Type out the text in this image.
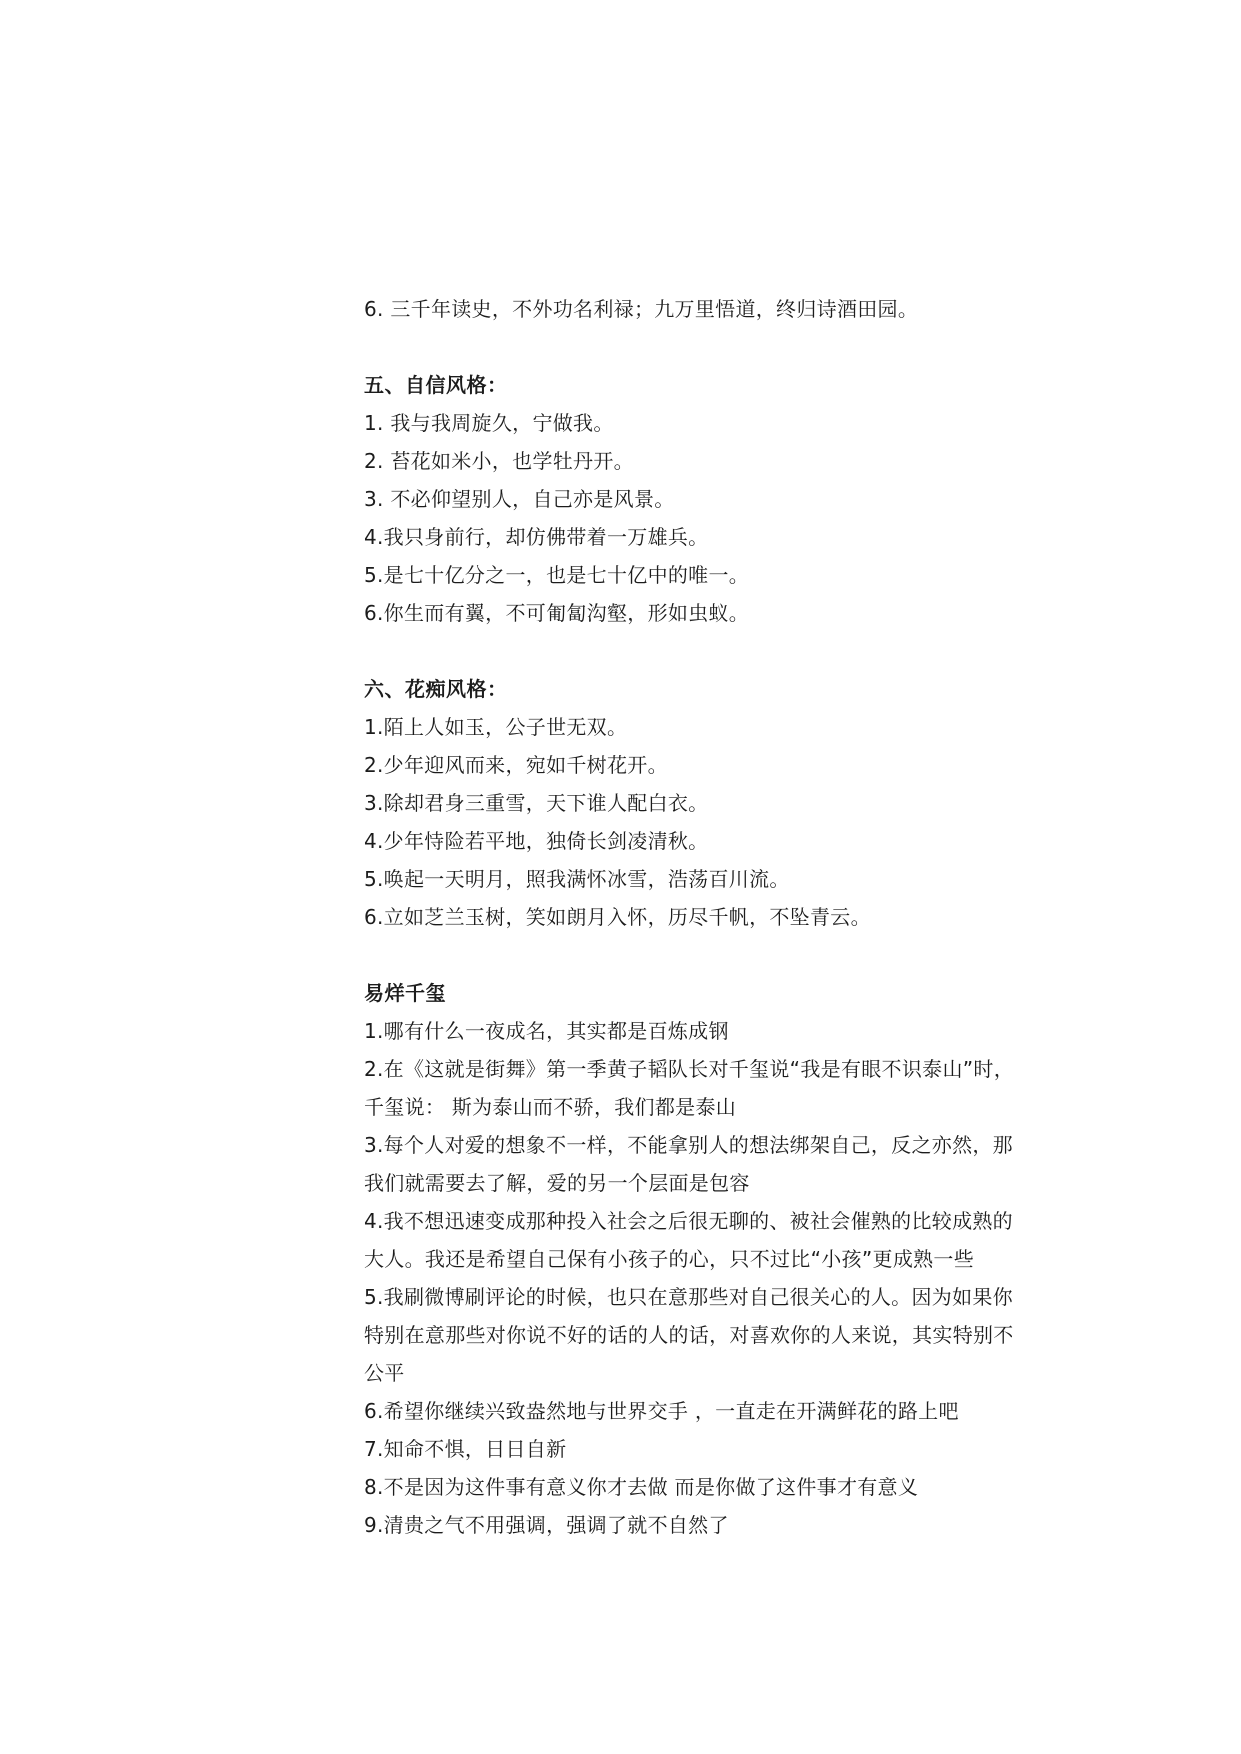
6. 三千年读史，不外功名利禄；九万里悟道，终归诗酒田园。
五、自信风格：
1. 我与我周旋久，宁做我。
2. 苔花如米小，也学牡丹开。
3. 不必仰望别人，自己亦是风景。
4.我只身前行，却仿佛带着一万雄兵。
5.是七十亿分之一，也是七十亿中的唯一。
6.你生而有翼，不可匍匐沟壑，形如虫蚁。
六、花痴风格：
1.陌上人如玉，公子世无双。
2.少年迎风而来，宛如千树花开。
3.除却君身三重雪，天下谁人配白衣。
4.少年恃险若平地，独倚长剑凌清秋。
5.唤起一天明月，照我满怀冰雪，浩荡百川流。
6.立如芝兰玉树，笑如朗月入怀，历尽千帆，不坠青云。
易烊千玺
1.哪有什么一夜成名，其实都是百炼成钢
2.在《这就是街舞》第一季黄子韬队长对千玺说“我是有眼不识泰山”时，
千玺说： 斯为泰山而不骄，我们都是泰山
3.每个人对爱的想象不一样，不能拿别人的想法绑架自己，反之亦然，那
我们就需要去了解，爱的另一个层面是包容
4.我不想迅速变成那种投入社会之后很无聊的、被社会催熟的比较成熟的
大人。我还是希望自己保有小孩子的心，只不过比“小孩”更成熟一些
5.我刷微博刷评论的时候，也只在意那些对自己很关心的人。因为如果你
特别在意那些对你说不好的话的人的话，对喜欢你的人来说，其实特别不
公平
6.希望你继续兴致盎然地与世界交手 ，一直走在开满鲜花的路上吧
7.知命不惧，日日自新
8.不是因为这件事有意义你才去做 而是你做了这件事才有意义
9.清贵之气不用强调，强调了就不自然了
